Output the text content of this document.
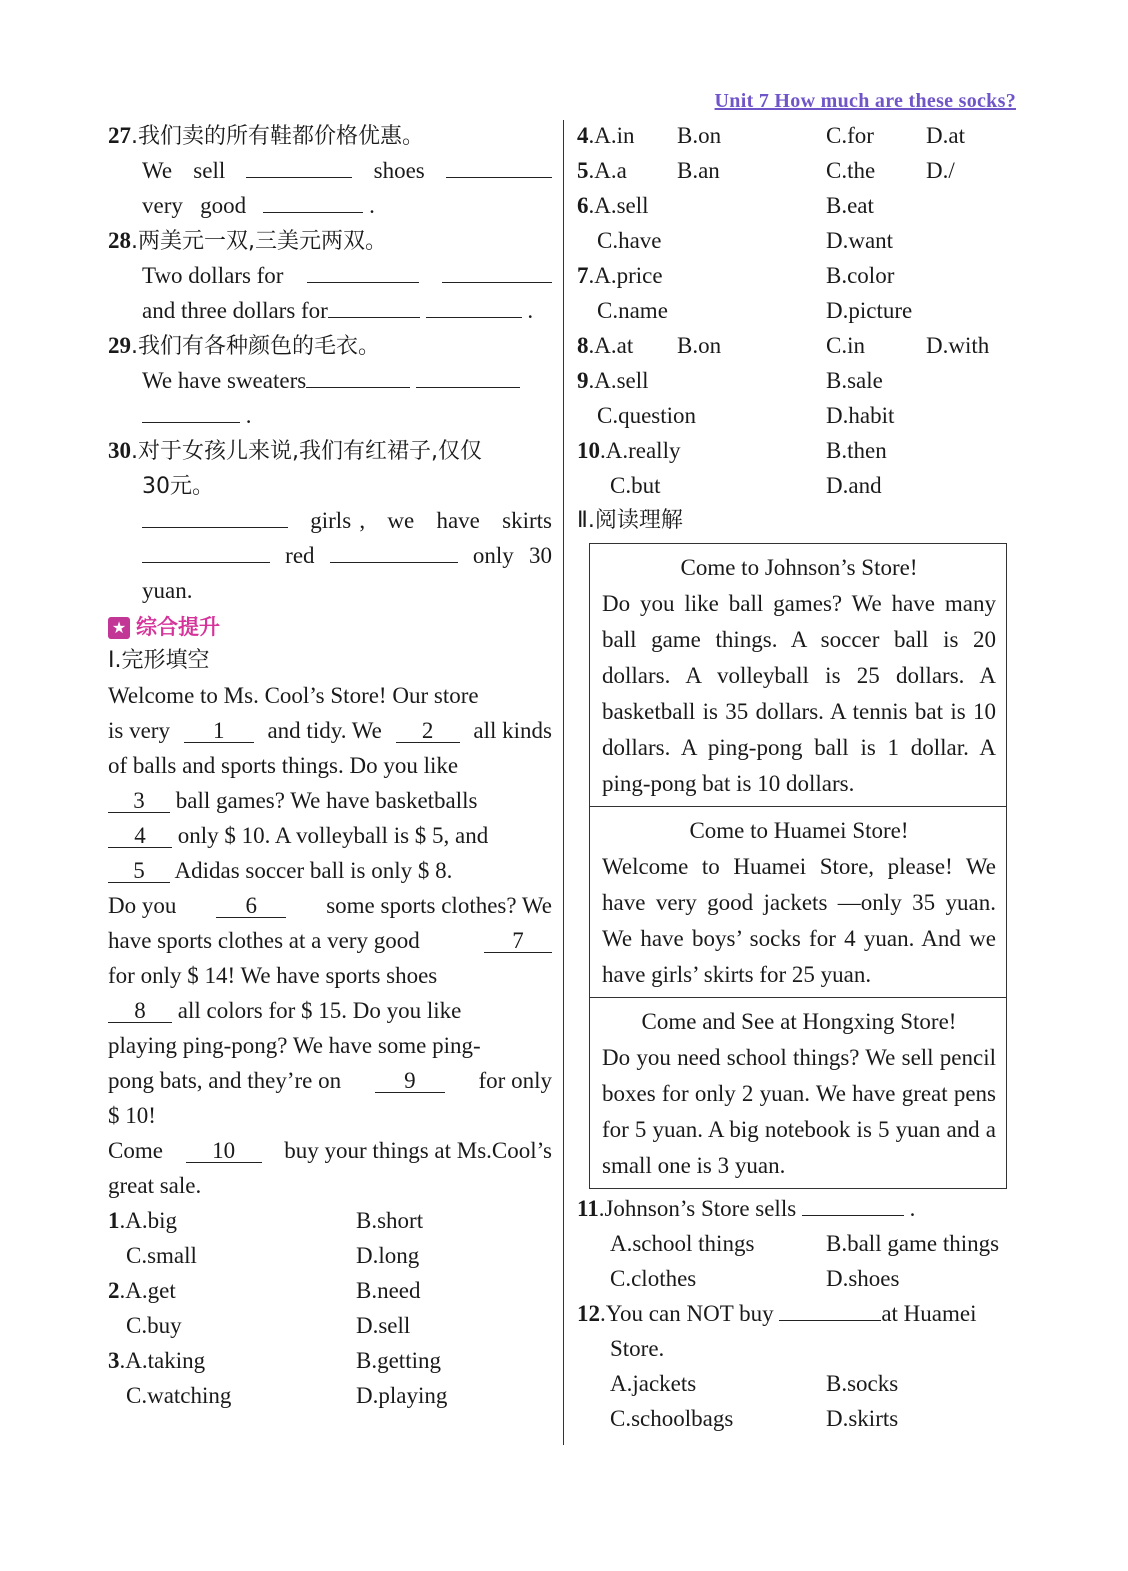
Unit 7 How much are these socks?
27.我们卖的所有鞋都价格优惠。
We sell	shoes
very good	.
28.两美元一双,三美元两双。
Two dollars for
and three dollars for	.
29.我们有各种颜色的毛衣。
We have sweaters
.
30.对于女孩儿来说,我们有红裙子,仅仅
30元。
girls , we have skirts
red	only 30
yuan.
★ 综合提升
Ⅰ.完形填空
Welcome to Ms. Cool’s Store! Our store
is very	1	and tidy. We	2	all kinds
of balls and sports things. Do you like
3 ball games? We have basketballs
4 only $ 10. A volleyball is $ 5, and
5 Adidas soccer ball is only $ 8.
Do you	6	some sports clothes? We
have sports clothes at a very good	7
for only $ 14! We have sports shoes
8 all colors for $ 15. Do you like
playing ping-pong? We have some ping-
pong bats, and they’re on	9	for only
$ 10!
Come	10	buy your things at Ms.Cool’s
great sale.
1.A.big	B.short
C.small	D.long
2.A.get	B.need
C.buy	D.sell
3.A.taking	B.getting
C.watching	D.playing
4.A.in B.on	C.for D.at
5.A.a B.an	C.the D./
6.A.sell	B.eat
C.have	D.want
7.A.price	B.color
C.name	D.picture
8.A.at B.on	C.in	D.with
9.A.sell	B.sale
C.question	D.habit
10.A.really	B.then
C.but	D.and
Ⅱ.阅读理解
Come to Johnson’s Store!
Do you like ball games? We have many ball game things. A soccer ball is 20 dollars. A volleyball is 25 dollars. A basketball is 35 dollars. A tennis bat is 10 dollars. A ping-pong ball is 1 dollar. A ping-pong bat is 10 dollars.
Come to Huamei Store!
Welcome to Huamei Store, please! We have very good jackets —only 35 yuan. We have boys’ socks for 4 yuan. And we have girls’ skirts for 25 yuan.
Come and See at Hongxing Store!
Do you need school things? We sell pencil boxes for only 2 yuan. We have great pens for 5 yuan. A big notebook is 5 yuan and a small one is 3 yuan.
11.Johnson’s Store sells	.
A.school things	B.ball game things
C.clothes	D.shoes
12.You can NOT buy	at Huamei
Store.
A.jackets	B.socks
C.schoolbags	D.skirts
